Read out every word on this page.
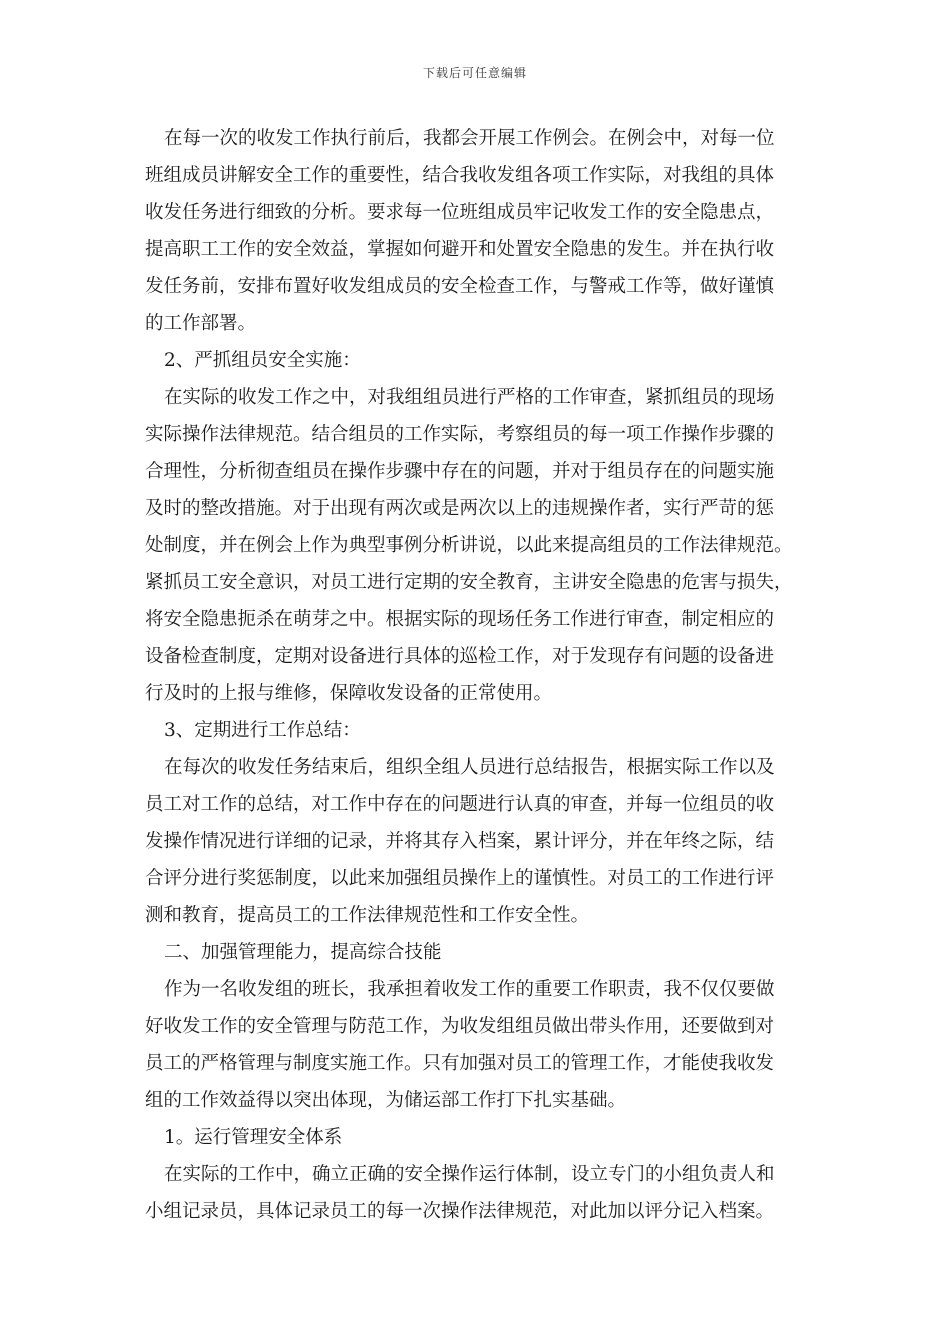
下载后可任意编辑
在每一次的收发工作执行前后，我都会开展工作例会。在例会中，对每一位
班组成员讲解安全工作的重要性，结合我收发组各项工作实际，对我组的具体
收发任务进行细致的分析。要求每一位班组成员牢记收发工作的安全隐患点，
提高职工工作的安全效益，掌握如何避开和处置安全隐患的发生。并在执行收
发任务前，安排布置好收发组成员的安全检查工作，与警戒工作等，做好谨慎
的工作部署。
2、严抓组员安全实施：
在实际的收发工作之中，对我组组员进行严格的工作审查，紧抓组员的现场
实际操作法律规范。结合组员的工作实际，考察组员的每一项工作操作步骤的
合理性，分析彻查组员在操作步骤中存在的问题，并对于组员存在的问题实施
及时的整改措施。对于出现有两次或是两次以上的违规操作者，实行严苛的惩
处制度，并在例会上作为典型事例分析讲说，以此来提高组员的工作法律规范。
紧抓员工安全意识，对员工进行定期的安全教育，主讲安全隐患的危害与损失，
将安全隐患扼杀在萌芽之中。根据实际的现场任务工作进行审查，制定相应的
设备检查制度，定期对设备进行具体的巡检工作，对于发现存有问题的设备进
行及时的上报与维修，保障收发设备的正常使用。
3、定期进行工作总结：
在每次的收发任务结束后，组织全组人员进行总结报告，根据实际工作以及
员工对工作的总结，对工作中存在的问题进行认真的审查，并每一位组员的收
发操作情况进行详细的记录，并将其存入档案，累计评分，并在年终之际，结
合评分进行奖惩制度，以此来加强组员操作上的谨慎性。对员工的工作进行评
测和教育，提高员工的工作法律规范性和工作安全性。
二、加强管理能力，提高综合技能
作为一名收发组的班长，我承担着收发工作的重要工作职责，我不仅仅要做
好收发工作的安全管理与防范工作，为收发组组员做出带头作用，还要做到对
员工的严格管理与制度实施工作。只有加强对员工的管理工作，才能使我收发
组的工作效益得以突出体现，为储运部工作打下扎实基础。
1。运行管理安全体系
在实际的工作中，确立正确的安全操作运行体制，设立专门的小组负责人和
小组记录员，具体记录员工的每一次操作法律规范，对此加以评分记入档案。
